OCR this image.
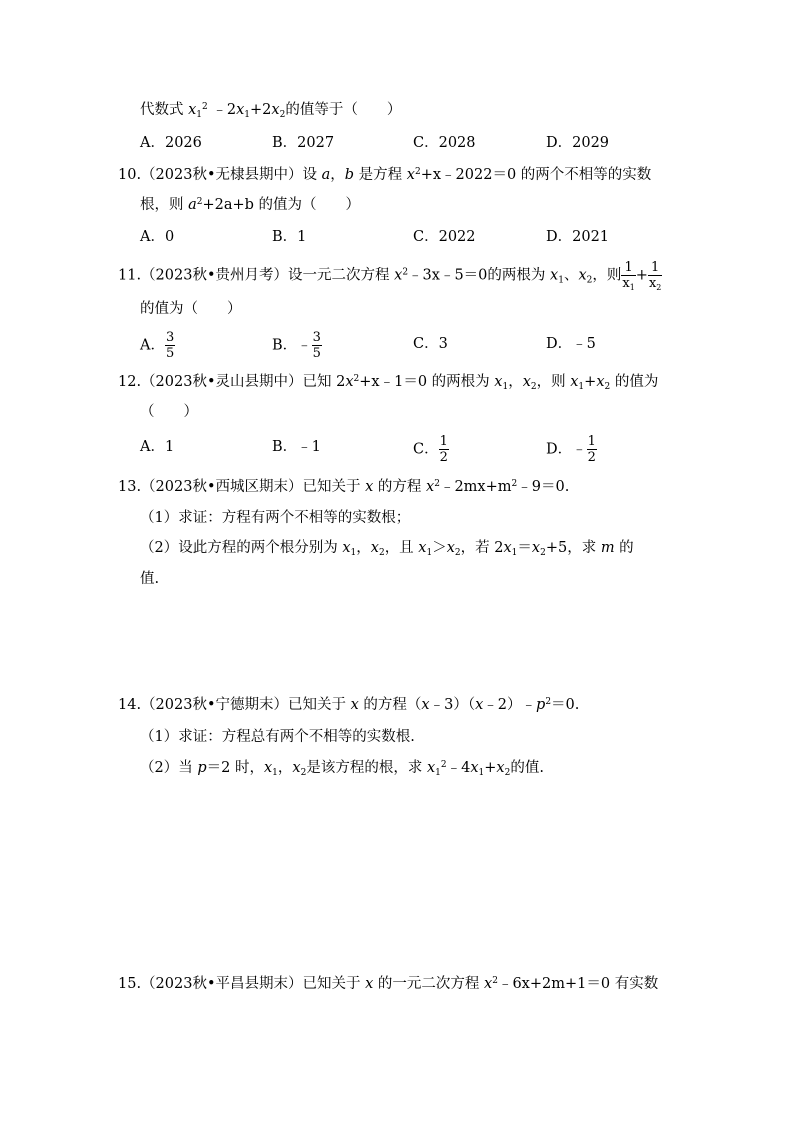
代数式 $x_1^2$ $﹣2x_1+2x_2$的值等于（　　）
A．2026	B．2027	C．2028	D．2029
10.（2023秋•无棣县期中）设 a，b 是方程 $x^2+x﹣2022=0$ 的两个不相等的实数
根，则 $a^2+2a+b$ 的值为（　　）
A．0	B．1	C．2022	D．2021
11.（2023秋•贵州月考）设一元二次方程 $x^2﹣3x﹣5=0$的两根为 $x_1$、$x_2$，则 $\frac{1}{x_1} + \frac{1}{x_2}$
的值为（　　）
A． $\frac{3}{5}$	B．﹣ $\frac{3}{5}$	C．3	D．﹣5
12.（2023秋•灵山县期中）已知 $2x^2+x﹣1=0$ 的两根为 $x_1$，$x_2$，则 $x_1+x_2$ 的值为
（　　）
A．1	B．﹣1	C． $\frac{1}{2}$	D．﹣ $\frac{1}{2}$
13.（2023秋•西城区期末）已知关于 x 的方程 $x^2﹣2mx+m^2﹣9=0$.
（1）求证：方程有两个不相等的实数根；
（2）设此方程的两个根分别为 $x_1$，$x_2$，且 $x_1>x_2$，若 $2x_1=x_2+5$，求 m 的
值.
14.（2023秋•宁德期末）已知关于 x 的方程$(x﹣3)(x﹣2)﹣p^2=0$.
（1）求证：方程总有两个不相等的实数根.
（2）当 p＝2 时，$x_1$，$x_2$是该方程的根，求 $x_1^2﹣4x_1+x_2$的值.
15.（2023秋•平昌县期末）已知关于 x 的一元二次方程 $x^2﹣6x+2m+1=0$ 有实数
